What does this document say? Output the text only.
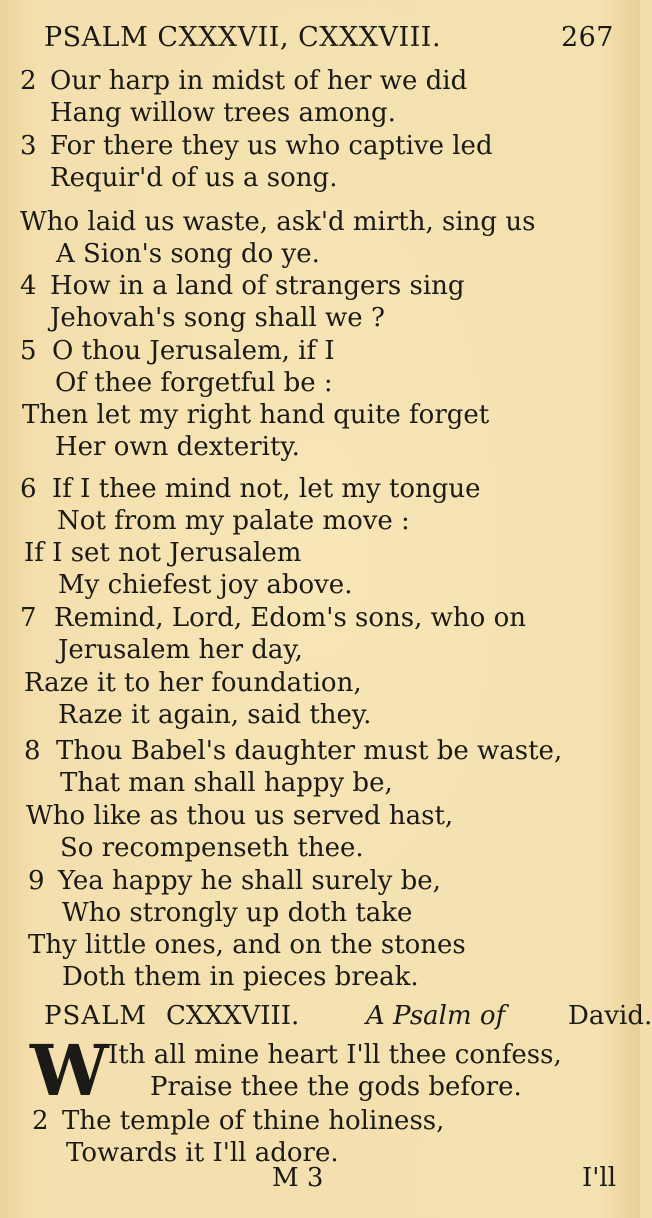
PSALM CXXXVII, CXXXVIII.	267
2 Our harp in midst of her we did
Hang willow trees among.
3 For there they us who captive led
Requir'd of us a song.
Who laid us waste, ask'd mirth, sing us
A Sion's song do ye.
4 How in a land of strangers sing
Jehovah's song shall we ?
5 O thou Jerusalem, if I
Of thee forgetful be :
Then let my right hand quite forget
Her own dexterity.
6 If I thee mind not, let my tongue
Not from my palate move :
If I set not Jerusalem
My chiefest joy above.
7 Remind, Lord, Edom's sons, who on
Jerusalem her day,
Raze it to her foundation,
Raze it again, said they.
8 Thou Babel's daughter must be waste,
That man shall happy be,
Who like as thou us served hast,
So recompenseth thee.
9 Yea happy he shall surely be,
Who strongly up doth take
Thy little ones, and on the stones
Doth them in pieces break.
PSALM CXXXVIII.	A Psalm of David.
W Ith all mine heart I'll thee confess,
Praise thee the gods before.
2 The temple of thine holiness,
Towards it I'll adore.
M 3	I'll
